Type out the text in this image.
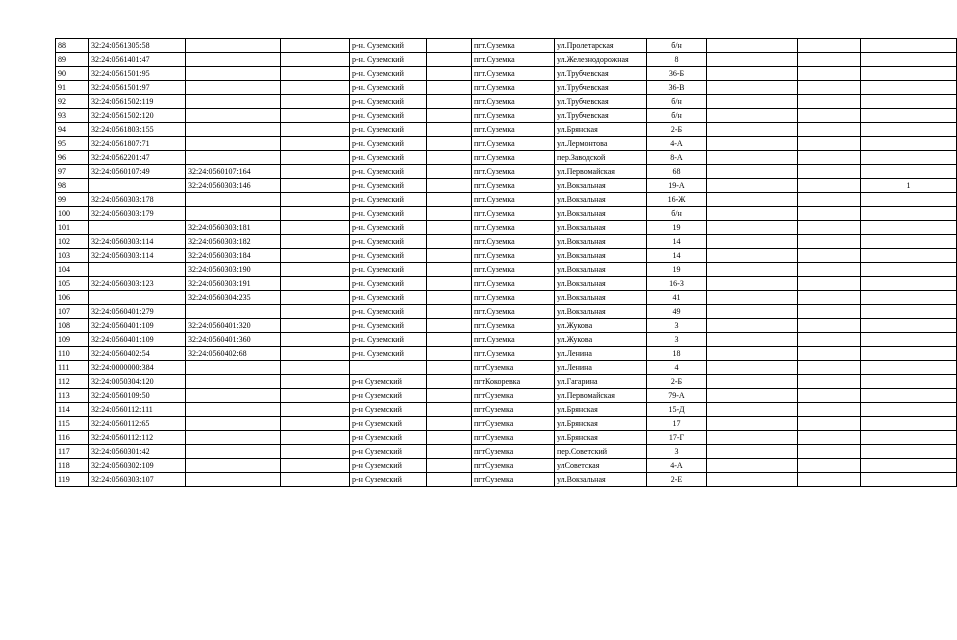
88	32:24:0561305:58			р-н. Суземский		пгт.Суземка	ул.Пролетарская	б/н			
89	32:24:0561401:47			р-н. Суземский		пгт.Суземка	ул.Железнодорожная	8			
90	32:24:0561501:95			р-н. Суземский		пгт.Суземка	ул.Трубчевская	36-Б			
91	32:24:0561501:97			р-н. Суземский		пгт.Суземка	ул.Трубчевская	36-В			
92	32:24:0561502:119			р-н. Суземский		пгт.Суземка	ул.Трубчевская	б/н			
93	32:24:0561502:120			р-н. Суземский		пгт.Суземка	ул.Трубчевская	б/н			
94	32:24:0561803:155			р-н. Суземский		пгт.Суземка	ул.Брянская	2-Б			
95	32:24:0561807:71			р-н. Суземский		пгт.Суземка	ул.Лермонтова	4-А			
96	32:24:0562201:47			р-н. Суземский		пгт.Суземка	пер.Заводской	8-А			
97	32:24:0560107:49	32:24:0560107:164		р-н. Суземский		пгт.Суземка	ул.Первомайская	68			
98		32:24:0560303:146		р-н. Суземский		пгт.Суземка	ул.Вокзальная	19-А			1
99	32:24:0560303:178			р-н. Суземский		пгт.Суземка	ул.Вокзальная	16-Ж			
100	32:24:0560303:179			р-н. Суземский		пгт.Суземка	ул.Вокзальная	б/н			
101		32:24:0560303:181		р-н. Суземский		пгт.Суземка	ул.Вокзальная	19			
102	32:24:0560303:114	32:24:0560303:182		р-н. Суземский		пгт.Суземка	ул.Вокзальная	14			
103	32:24:0560303:114	32:24:0560303:184		р-н. Суземский		пгт.Суземка	ул.Вокзальная	14			
104		32:24:0560303:190		р-н. Суземский		пгт.Суземка	ул.Вокзальная	19			
105	32:24:0560303:123	32:24:0560303:191		р-н. Суземский		пгт.Суземка	ул.Вокзальная	16-З			
106		32:24:0560304:235		р-н. Суземский		пгт.Суземка	ул.Вокзальная	41			
107	32:24:0560401:279			р-н. Суземский		пгт.Суземка	ул.Вокзальная	49			
108	32:24:0560401:109	32:24:0560401:320		р-н. Суземский		пгт.Суземка	ул.Жукова	3			
109	32:24:0560401:109	32:24:0560401:360		р-н. Суземский		пгт.Суземка	ул.Жукова	3			
110	32:24:0560402:54	32:24:0560402:68		р-н. Суземский		пгт.Суземка	ул.Ленина	18			
111	32:24:0000000:384					пгтСуземка	ул.Ленина	4			
112	32:24:0050304:120			р-н Суземский		пгтКокоревка	ул.Гагарина	2-Б			
113	32:24:0560109:50			р-н Суземский		пгтСуземка	ул.Первомайская	79-А			
114	32:24:0560112:111			р-н Суземский		пгтСуземка	ул.Брянская	15-Д			
115	32:24:0560112:65			р-н Суземский		пгтСуземка	ул.Брянская	17			
116	32:24:0560112:112			р-н Суземский		пгтСуземка	ул.Брянская	17-Г			
117	32:24:0560301:42			р-н Суземский		пгтСуземка	пер.Советский	3			
118	32:24:0560302:109			р-н Суземский		пгтСуземка	улСоветская	4-А			
119	32:24:0560303:107			р-н Суземский		пгтСуземка	ул.Вокзальная	2-Е			
